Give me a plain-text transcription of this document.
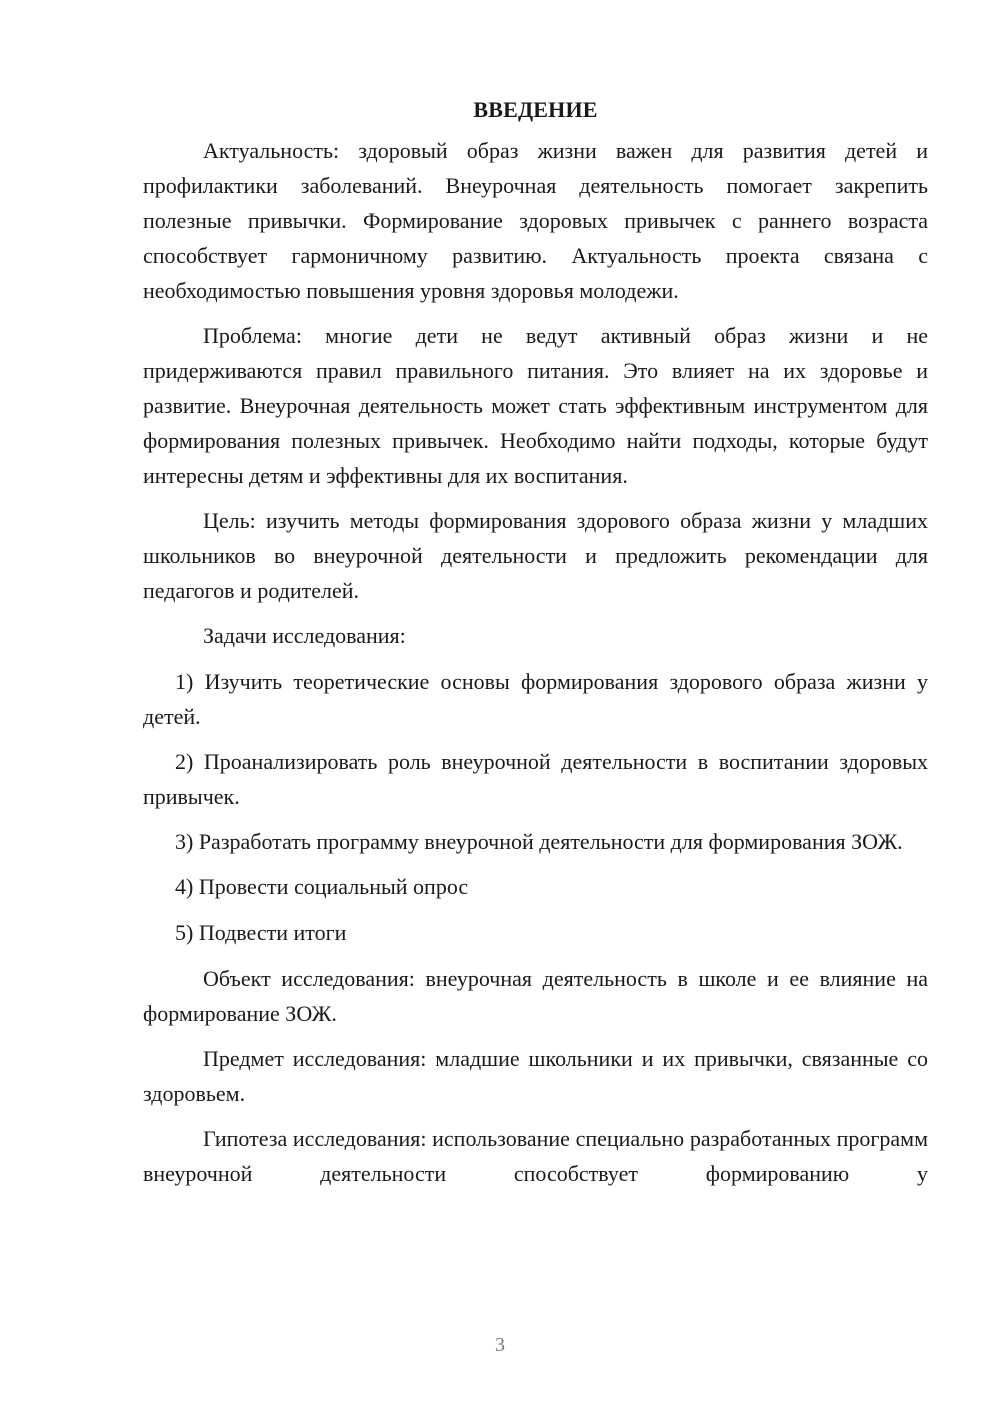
ВВЕДЕНИЕ

Актуальность: здоровый образ жизни важен для развития детей и профилактики заболеваний. Внеурочная деятельность помогает закрепить полезные привычки. Формирование здоровых привычек с раннего возраста способствует гармоничному развитию. Актуальность проекта связана с необходимостью повышения уровня здоровья молодежи.

Проблема: многие дети не ведут активный образ жизни и не придерживаются правил правильного питания. Это влияет на их здоровье и развитие. Внеурочная деятельность может стать эффективным инструментом для формирования полезных привычек. Необходимо найти подходы, которые будут интересны детям и эффективны для их воспитания.

Цель: изучить методы формирования здорового образа жизни у младших школьников во внеурочной деятельности и предложить рекомендации для педагогов и родителей.

Задачи исследования:

1) Изучить теоретические основы формирования здорового образа жизни у детей.

2) Проанализировать роль внеурочной деятельности в воспитании здоровых привычек.

3) Разработать программу внеурочной деятельности для формирования ЗОЖ.

4) Провести социальный опрос

5) Подвести итоги

Объект исследования: внеурочная деятельность в школе и ее влияние на формирование ЗОЖ.

Предмет исследования: младшие школьники и их привычки, связанные со здоровьем.

Гипотеза исследования: использование специально разработанных программ внеурочной деятельности способствует формированию у

3
